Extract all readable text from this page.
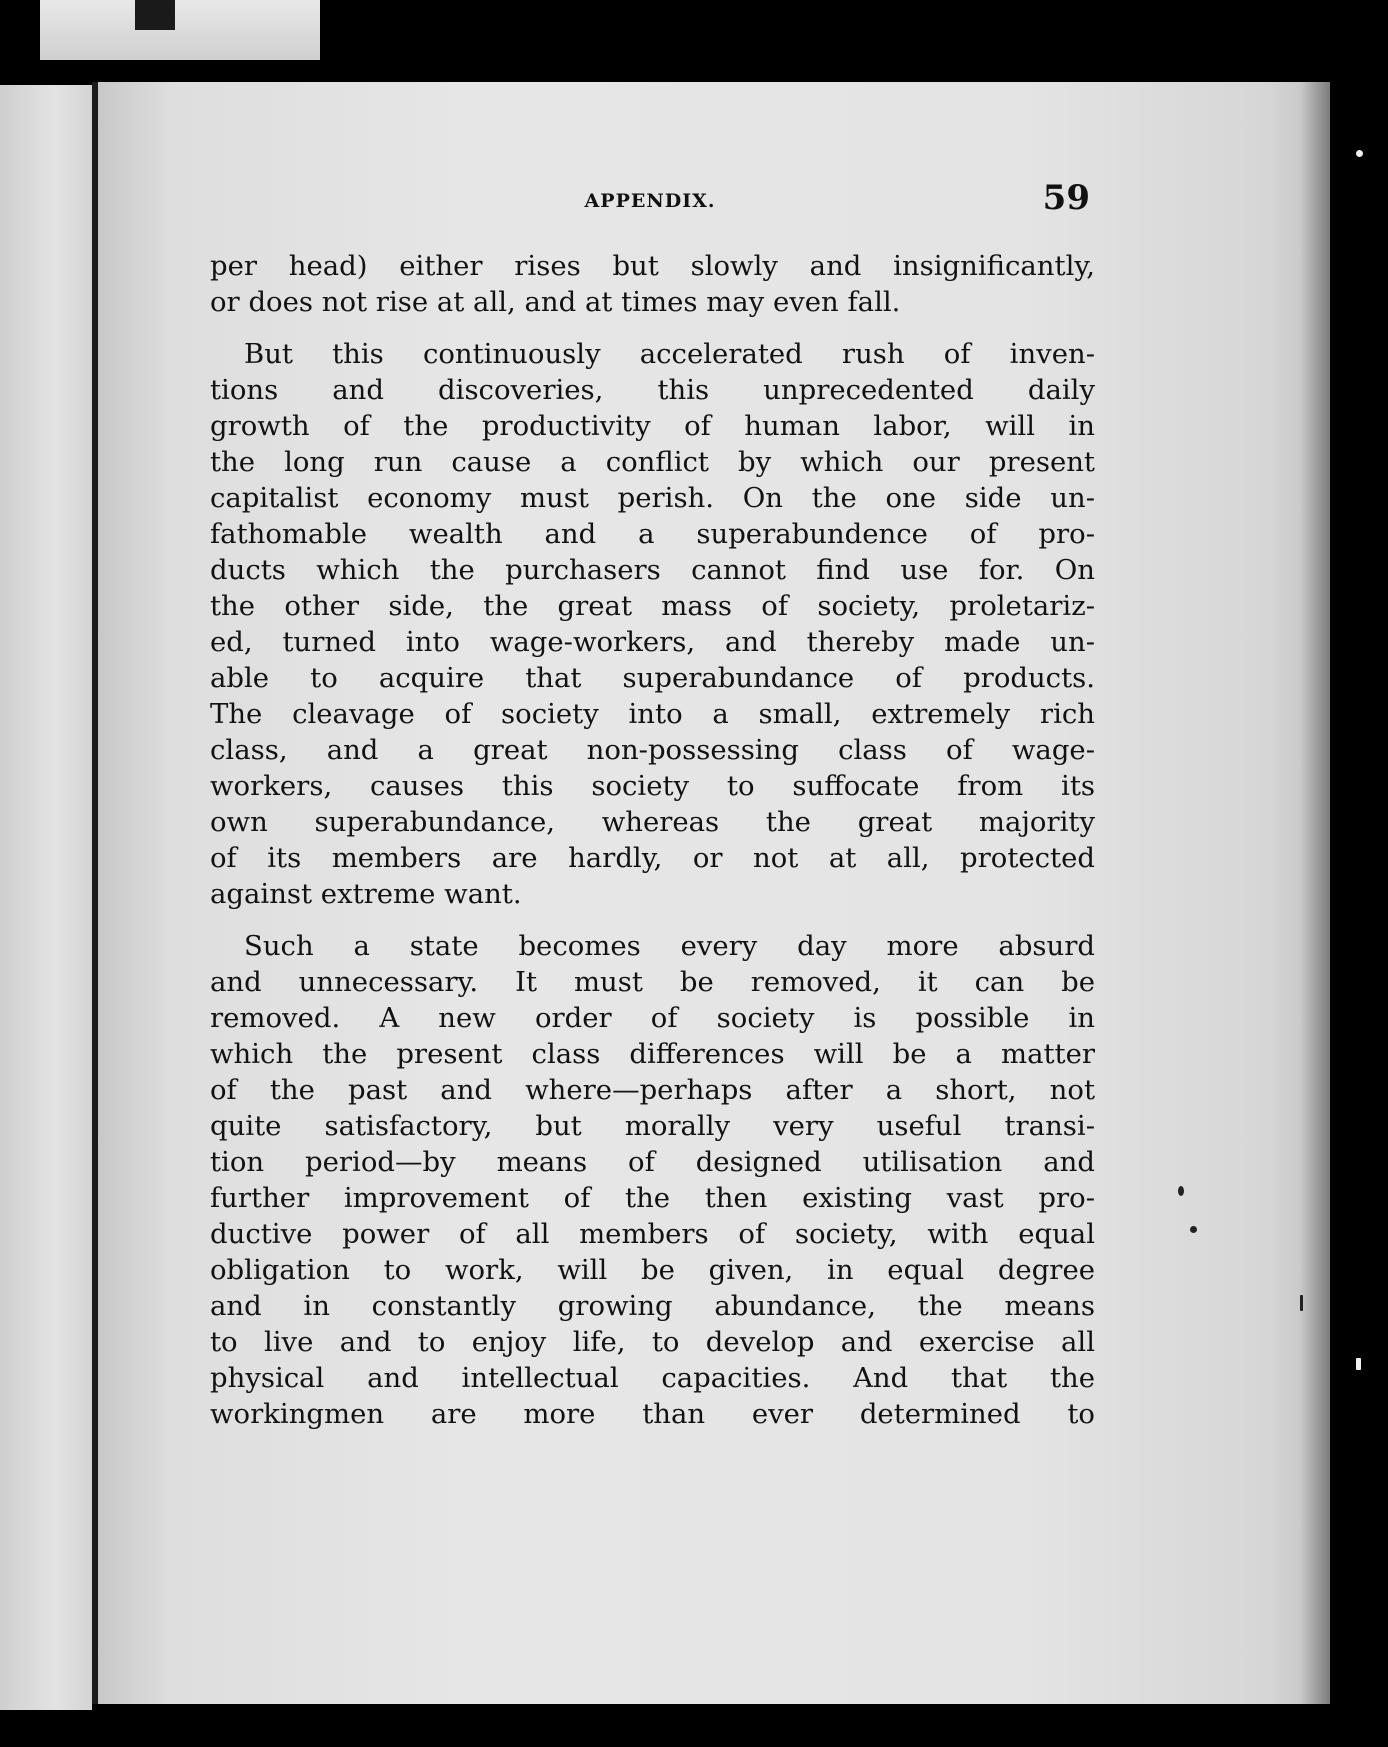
APPENDIX.	59

per head) either rises but slowly and insignificantly,
or does not rise at all, and at times may even fall.

But this continuously accelerated rush of inven-
tions and discoveries, this unprecedented daily
growth of the productivity of human labor, will in
the long run cause a conflict by which our present
capitalist economy must perish. On the one side un-
fathomable wealth and a superabundence of pro-
ducts which the purchasers cannot find use for. On
the other side, the great mass of society, proletariz-
ed, turned into wage-workers, and thereby made un-
able to acquire that superabundance of products.
The cleavage of society into a small, extremely rich
class, and a great non-possessing class of wage-
workers, causes this society to suffocate from its
own superabundance, whereas the great majority
of its members are hardly, or not at all, protected
against extreme want.

Such a state becomes every day more absurd
and unnecessary. It must be removed, it can be
removed. A new order of society is possible in
which the present class differences will be a matter
of the past and where—perhaps after a short, not
quite satisfactory, but morally very useful transi-
tion period—by means of designed utilisation and
further improvement of the then existing vast pro-
ductive power of all members of society, with equal
obligation to work, will be given, in equal degree
and in constantly growing abundance, the means
to live and to enjoy life, to develop and exercise all
physical and intellectual capacities. And that the
workingmen are more than ever determined to
